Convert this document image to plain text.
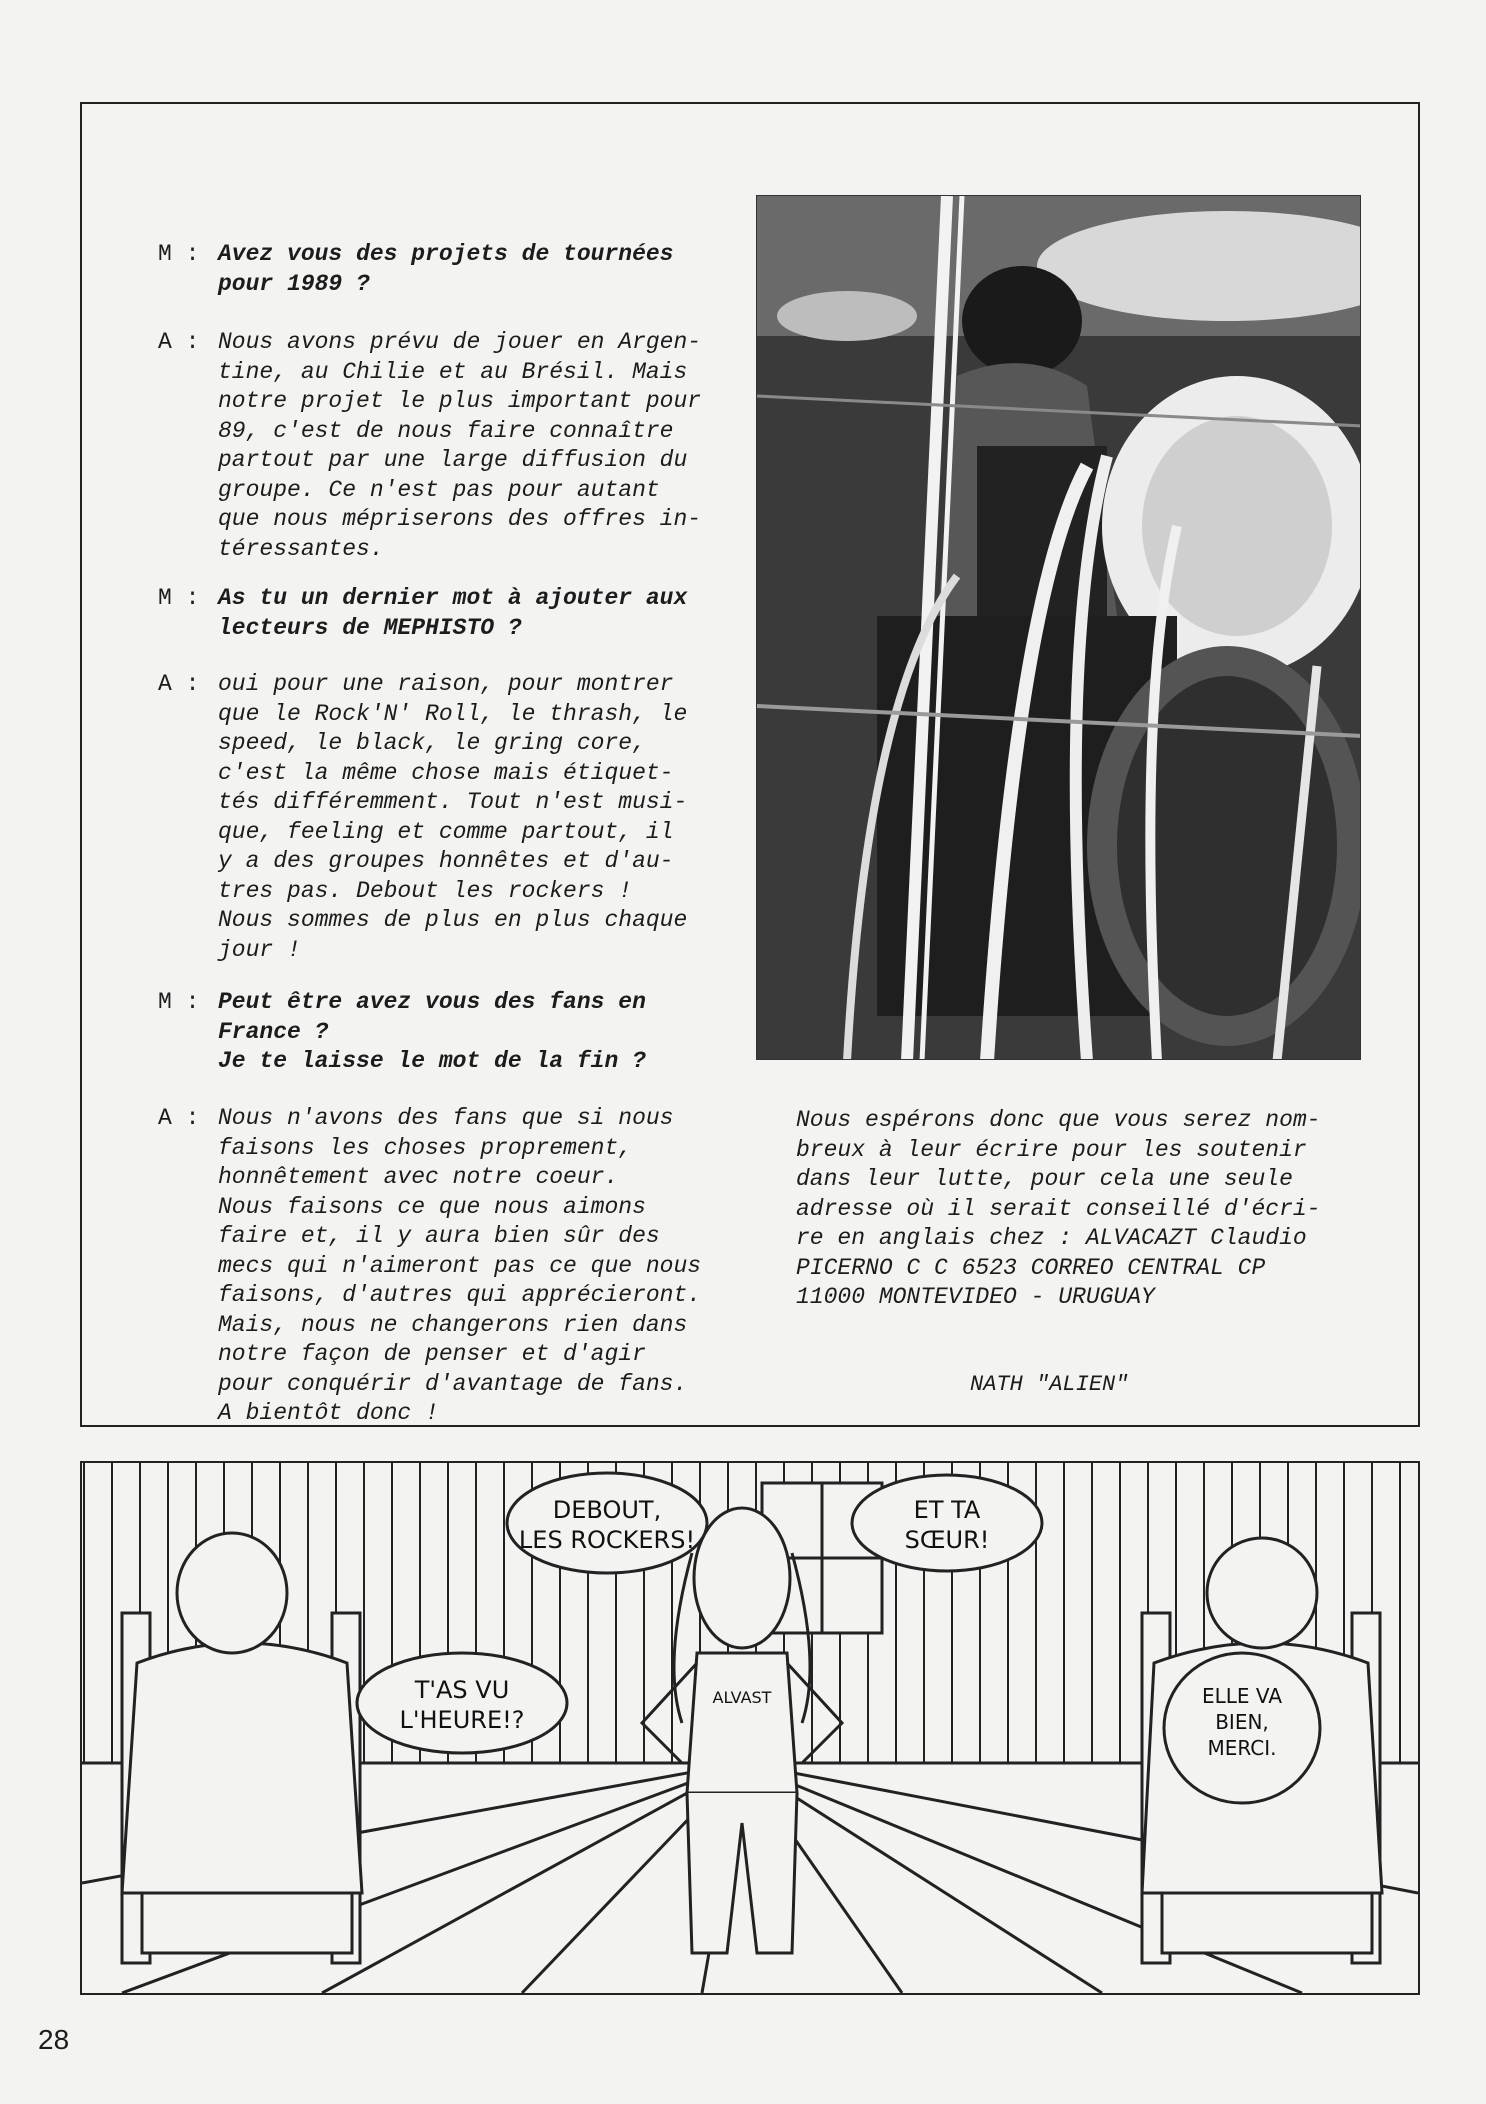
M : Avez vous des projets de tournées
pour 1989 ?
A : Nous avons prévu de jouer en Argen-
tine, au Chilie et au Brésil. Mais
notre projet le plus important pour
89, c'est de nous faire connaître
partout par une large diffusion du
groupe. Ce n'est pas pour autant
que nous mépriserons des offres in-
téressantes.
M : As tu un dernier mot à ajouter aux
lecteurs de MEPHISTO ?
A : oui pour une raison, pour montrer
que le Rock'N' Roll, le thrash, le
speed, le black, le gring core,
c'est la même chose mais étiquet-
tés différemment. Tout n'est musi-
que, feeling et comme partout, il
y a des groupes honnêtes et d'au-
tres pas. Debout les rockers !
Nous sommes de plus en plus chaque
jour !
M : Peut être avez vous des fans en
France ?
Je te laisse le mot de la fin ?
A : Nous n'avons des fans que si nous
faisons les choses proprement,
honnêtement avec notre coeur.
Nous faisons ce que nous aimons
faire et, il y aura bien sûr des
mecs qui n'aimeront pas ce que nous
faisons, d'autres qui apprécieront.
Mais, nous ne changerons rien dans
notre façon de penser et d'agir
pour conquérir d'avantage de fans.
A bientôt donc !
Nous espérons donc que vous serez nom-
breux à leur écrire pour les soutenir
dans leur lutte, pour cela une seule
adresse où il serait conseillé d'écri-
re en anglais chez : ALVACAZT Claudio
PICERNO C C 6523 CORREO CENTRAL CP
11000 MONTEVIDEO - URUGUAY
NATH "ALIEN"
DEBOUT,
LES ROCKERS!
ET TA
SŒUR!
T'AS VU
L'HEURE!?
ELLE VA
BIEN,
MERCI.
ALVAST
28
